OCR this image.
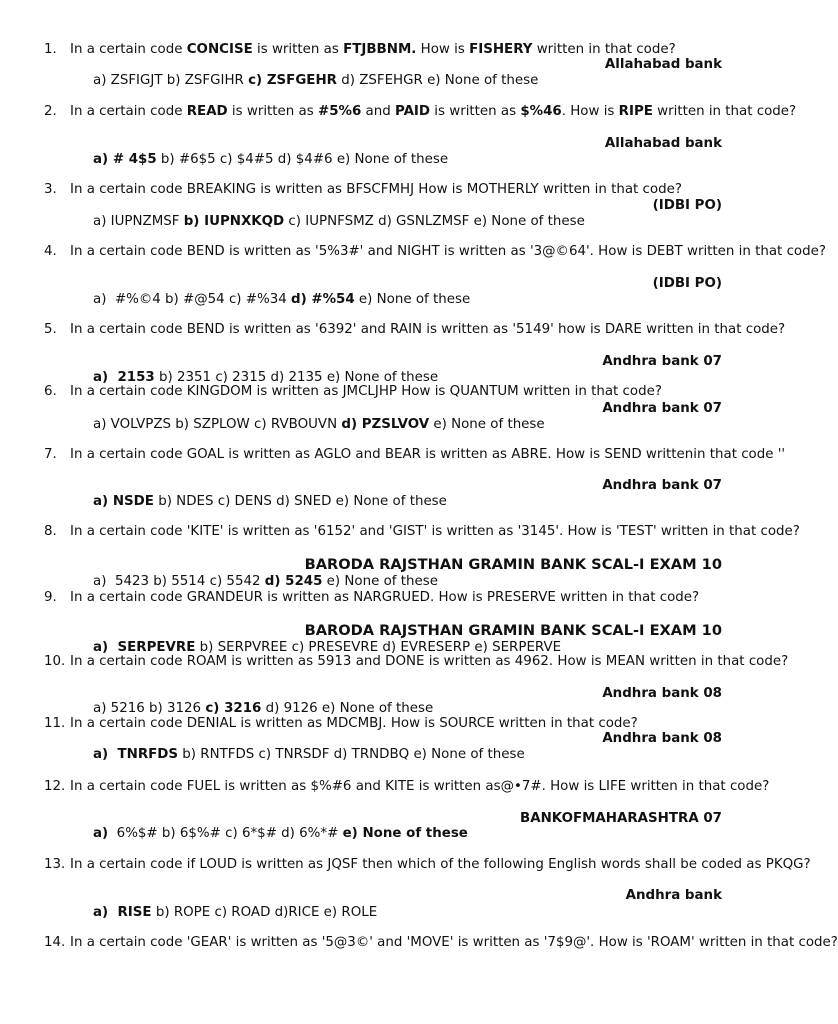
1. In a certain code CONCISE is written as FTJBBNM. How is FISHERY written in that code?
Allahabad bank
a) ZSFIGJT b) ZSFGIHR c) ZSFGEHR d) ZSFEHGR e) None of these
2. In a certain code READ is written as #5%6 and PAID is written as $%46. How is RIPE written in that code?
Allahabad bank
a) # 4$5 b) #6$5 c) $4#5 d) $4#6 e) None of these
3. In a certain code BREAKING is written as BFSCFMHJ How is MOTHERLY written in that code?
(IDBI PO)
a) IUPNZMSF b) IUPNXKQD c) IUPNFSMZ d) GSNLZMSF e) None of these
4. In a certain code BEND is written as '5%3#' and NIGHT is written as '3@©64'. How is DEBT written in that code?
(IDBI PO)
a)  #%©4 b) #@54 c) #%34 d) #%54 e) None of these
5. In a certain code BEND is written as '6392' and RAIN is written as '5149' how is DARE written in that code?
Andhra bank 07
a)  2153 b) 2351 c) 2315 d) 2135 e) None of these
6. In a certain code KINGDOM is written as JMCLJHP How is QUANTUM written in that code?
Andhra bank 07
a) VOLVPZS b) SZPLOW c) RVBOUVN d) PZSLVOV e) None of these
7. In a certain code GOAL is written as AGLO and BEAR is written as ABRE. How is SEND writtenin that code ''
Andhra bank 07
a) NSDE b) NDES c) DENS d) SNED e) None of these
8. In a certain code 'KITE' is written as '6152' and 'GIST' is written as '3145'. How is 'TEST' written in that code?
BARODA RAJSTHAN GRAMIN BANK SCAL-I EXAM 10
a)  5423 b) 5514 c) 5542 d) 5245 e) None of these
9. In a certain code GRANDEUR is written as NARGRUED. How is PRESERVE written in that code?
BARODA RAJSTHAN GRAMIN BANK SCAL-I EXAM 10
a)  SERPEVRE b) SERPVREE c) PRESEVRE d) EVRESERP e) SERPERVE
10. In a certain code ROAM is written as 5913 and DONE is written as 4962. How is MEAN written in that code?
Andhra bank 08
a) 5216 b) 3126 c) 3216 d) 9126 e) None of these
11. In a certain code DENIAL is written as MDCMBJ. How is SOURCE written in that code?
Andhra bank 08
a)  TNRFDS b) RNTFDS c) TNRSDF d) TRNDBQ e) None of these
12. In a certain code FUEL is written as $%#6 and KITE is written as@•7#. How is LIFE written in that code?
BANKOFMAHARASHTRA 07
a)  6%$# b) 6$%# c) 6*$# d) 6%*# e) None of these
13. In a certain code if LOUD is written as JQSF then which of the following English words shall be coded as PKQG?
Andhra bank
a)  RISE b) ROPE c) ROAD d)RICE e) ROLE
14. In a certain code 'GEAR' is written as '5@3©' and 'MOVE' is written as '7$9@'. How is 'ROAM' written in that code?
